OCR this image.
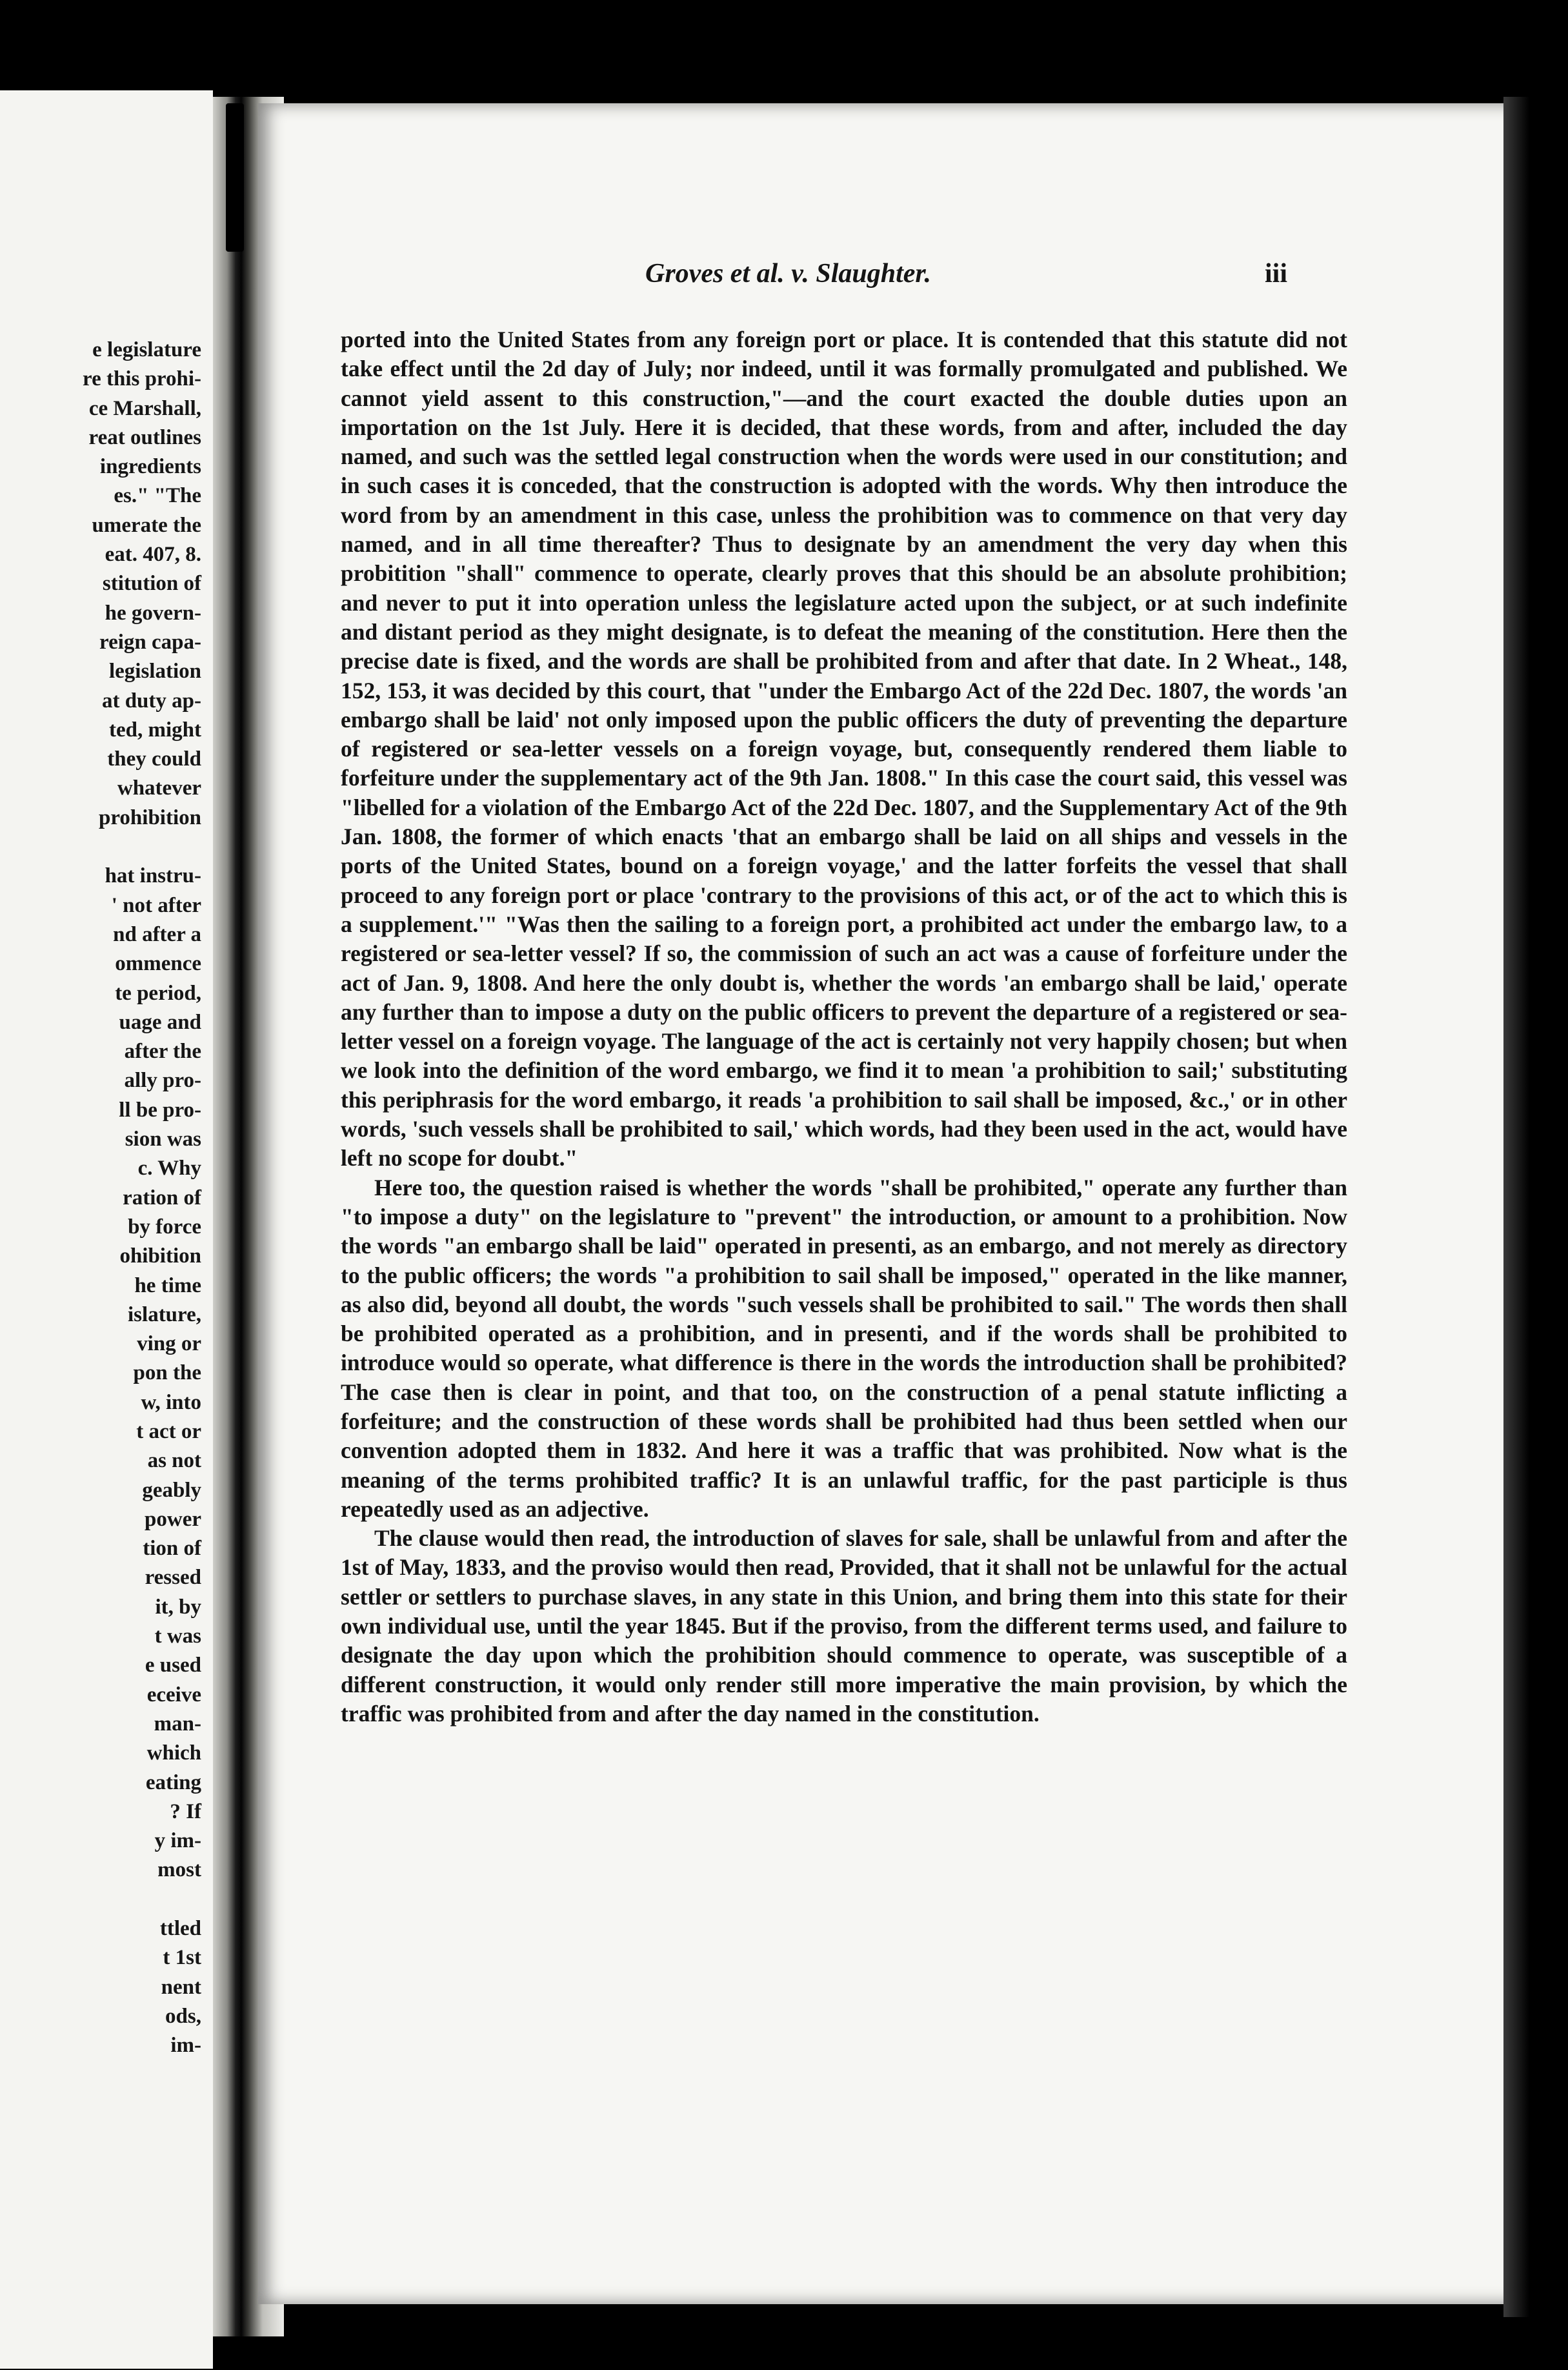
e legislature
re this prohi-
ce Marshall,
reat outlines
ingredients
es." "The
umerate the
eat. 407, 8.
stitution of
he govern-
reign capa-
legislation
at duty ap-
ted, might
they could
whatever
prohibition
hat instru-
' not after
nd after a
ommence
te period,
uage and
after the
ally pro-
ll be pro-
sion was
c. Why
ration of
by force
ohibition
he time
islature,
ving or
pon the
w, into
t act or
as not
geably
power
tion of
ressed
it, by
t was
e used
eceive
man-
which
eating
? If
y im-
most
ttled
t 1st
nent
ods,
im-
Groves et al. v. Slaughter.	iii

ported into the United States from any foreign port or place. It is contended that this statute did not take effect until the 2d day of July; nor indeed, until it was formally promulgated and published. We cannot yield assent to this construction,"—and the court exacted the double duties upon an importation on the 1st July. Here it is decided, that these words, from and after, included the day named, and such was the settled legal construction when the words were used in our constitution; and in such cases it is conceded, that the construction is adopted with the words. Why then introduce the word from by an amendment in this case, unless the prohibition was to commence on that very day named, and in all time thereafter? Thus to designate by an amendment the very day when this probitition "shall" commence to operate, clearly proves that this should be an absolute prohibition; and never to put it into operation unless the legislature acted upon the subject, or at such indefinite and distant period as they might designate, is to defeat the meaning of the constitution. Here then the precise date is fixed, and the words are shall be prohibited from and after that date. In 2 Wheat., 148, 152, 153, it was decided by this court, that "under the Embargo Act of the 22d Dec. 1807, the words 'an embargo shall be laid' not only imposed upon the public officers the duty of preventing the departure of registered or sea-letter vessels on a foreign voyage, but, consequently rendered them liable to forfeiture under the supplementary act of the 9th Jan. 1808." In this case the court said, this vessel was "libelled for a violation of the Embargo Act of the 22d Dec. 1807, and the Supplementary Act of the 9th Jan. 1808, the former of which enacts 'that an embargo shall be laid on all ships and vessels in the ports of the United States, bound on a foreign voyage,' and the latter forfeits the vessel that shall proceed to any foreign port or place 'contrary to the provisions of this act, or of the act to which this is a supplement.'" "Was then the sailing to a foreign port, a prohibited act under the embargo law, to a registered or sea-letter vessel? If so, the commission of such an act was a cause of forfeiture under the act of Jan. 9, 1808. And here the only doubt is, whether the words 'an embargo shall be laid,' operate any further than to impose a duty on the public officers to prevent the departure of a registered or sea-letter vessel on a foreign voyage. The language of the act is certainly not very happily chosen; but when we look into the definition of the word embargo, we find it to mean 'a prohibition to sail;' substituting this periphrasis for the word embargo, it reads 'a prohibition to sail shall be imposed, &c.,' or in other words, 'such vessels shall be prohibited to sail,' which words, had they been used in the act, would have left no scope for doubt."

Here too, the question raised is whether the words "shall be prohibited," operate any further than "to impose a duty" on the legislature to "prevent" the introduction, or amount to a prohibition. Now the words "an embargo shall be laid" operated in presenti, as an embargo, and not merely as directory to the public officers; the words "a prohibition to sail shall be imposed," operated in the like manner, as also did, beyond all doubt, the words "such vessels shall be prohibited to sail." The words then shall be prohibited operated as a prohibition, and in presenti, and if the words shall be prohibited to introduce would so operate, what difference is there in the words the introduction shall be prohibited? The case then is clear in point, and that too, on the construction of a penal statute inflicting a forfeiture; and the construction of these words shall be prohibited had thus been settled when our convention adopted them in 1832. And here it was a traffic that was prohibited. Now what is the meaning of the terms prohibited traffic? It is an unlawful traffic, for the past participle is thus repeatedly used as an adjective.

The clause would then read, the introduction of slaves for sale, shall be unlawful from and after the 1st of May, 1833, and the proviso would then read, Provided, that it shall not be unlawful for the actual settler or settlers to purchase slaves, in any state in this Union, and bring them into this state for their own individual use, until the year 1845. But if the proviso, from the different terms used, and failure to designate the day upon which the prohibition should commence to operate, was susceptible of a different construction, it would only render still more imperative the main provision, by which the traffic was prohibited from and after the day named in the constitution.
